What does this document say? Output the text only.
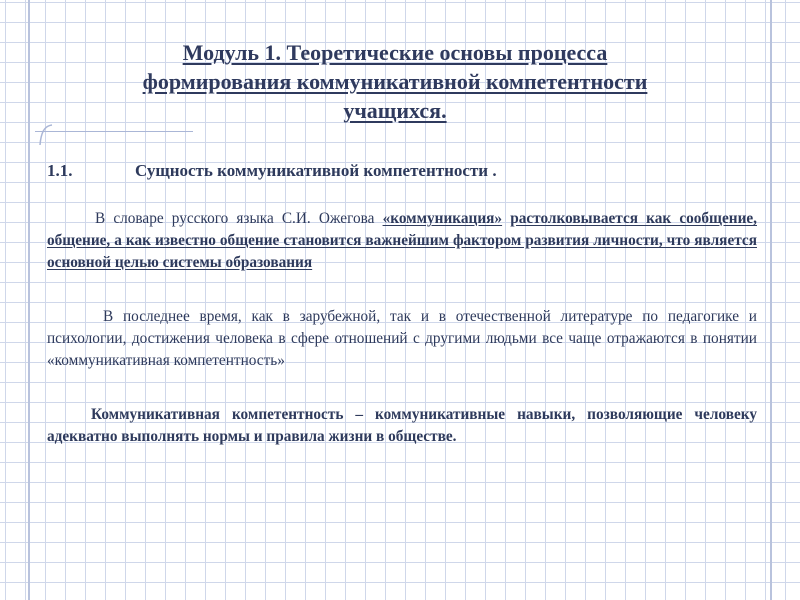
Модуль 1. Теоретические основы процесса
формирования коммуникативной компетентности
учащихся.
1.1.	Сущность коммуникативной компетентности .
В словаре русского языка С.И. Ожегова «коммуникация» растолковывается как сообщение, общение, а как известно общение становится важнейшим фактором развития личности, что является основной целью системы образования
В последнее время, как в зарубежной, так и в отечественной литературе по педагогике и психологии, достижения человека в сфере отношений с другими людьми все чаще отражаются в понятии «коммуникативная компетентность»
Коммуникативная компетентность – коммуникативные навыки, позволяющие человеку адекватно выполнять нормы и правила жизни в обществе.
